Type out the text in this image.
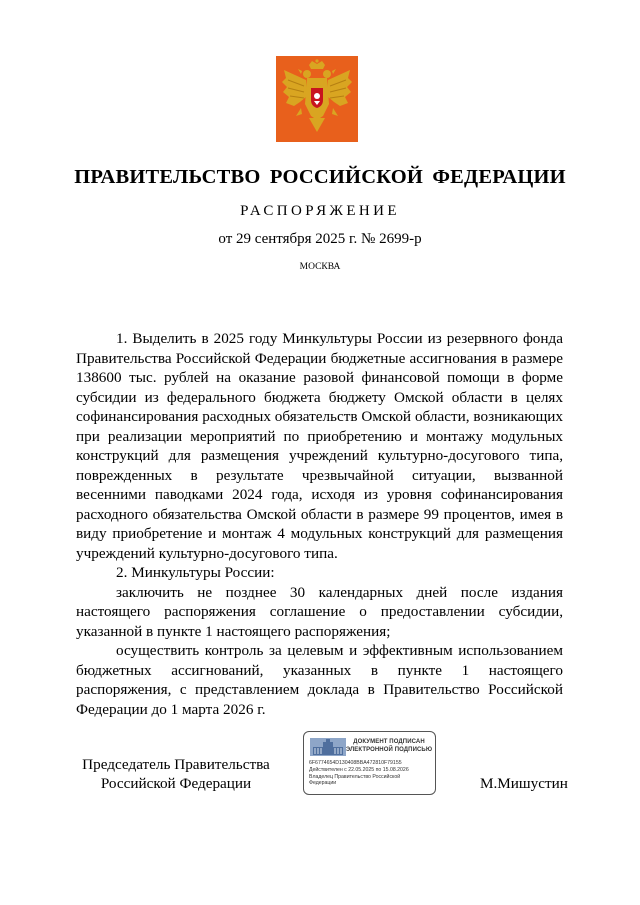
ПРАВИТЕЛЬСТВО РОССИЙСКОЙ ФЕДЕРАЦИИ
РАСПОРЯЖЕНИЕ
от 29 сентября 2025 г. № 2699-р
МОСКВА

1. Выделить в 2025 году Минкультуры России из резервного фонда Правительства Российской Федерации бюджетные ассигнования в размере 138600 тыс. рублей на оказание разовой финансовой помощи в форме субсидии из федерального бюджета бюджету Омской области в целях софинансирования расходных обязательств Омской области, возникающих при реализации мероприятий по приобретению и монтажу модульных конструкций для размещения учреждений культурно-досугового типа, поврежденных в результате чрезвычайной ситуации, вызванной весенними паводками 2024 года, исходя из уровня софинансирования расходного обязательства Омской области в размере 99 процентов, имея в виду приобретение и монтаж 4 модульных конструкций для размещения учреждений культурно-досугового типа.

2. Минкультуры России:

заключить не позднее 30 календарных дней после издания настоящего распоряжения соглашение о предоставлении субсидии, указанной в пункте 1 настоящего распоряжения;

осуществить контроль за целевым и эффективным использованием бюджетных ассигнований, указанных в пункте 1 настоящего распоряжения, с представлением доклада в Правительство Российской Федерации до 1 марта 2026 г.

Председатель Правительства
Российской Федерации
ДОКУМЕНТ ПОДПИСАН
ЭЛЕКТРОННОЙ ПОДПИСЬЮ
6F6774654D130408BBA472810F79155
Действителен с 22.05.2025 по 15.08.2026
Владелец Правительство Российской
Федерации	М.Мишустин
